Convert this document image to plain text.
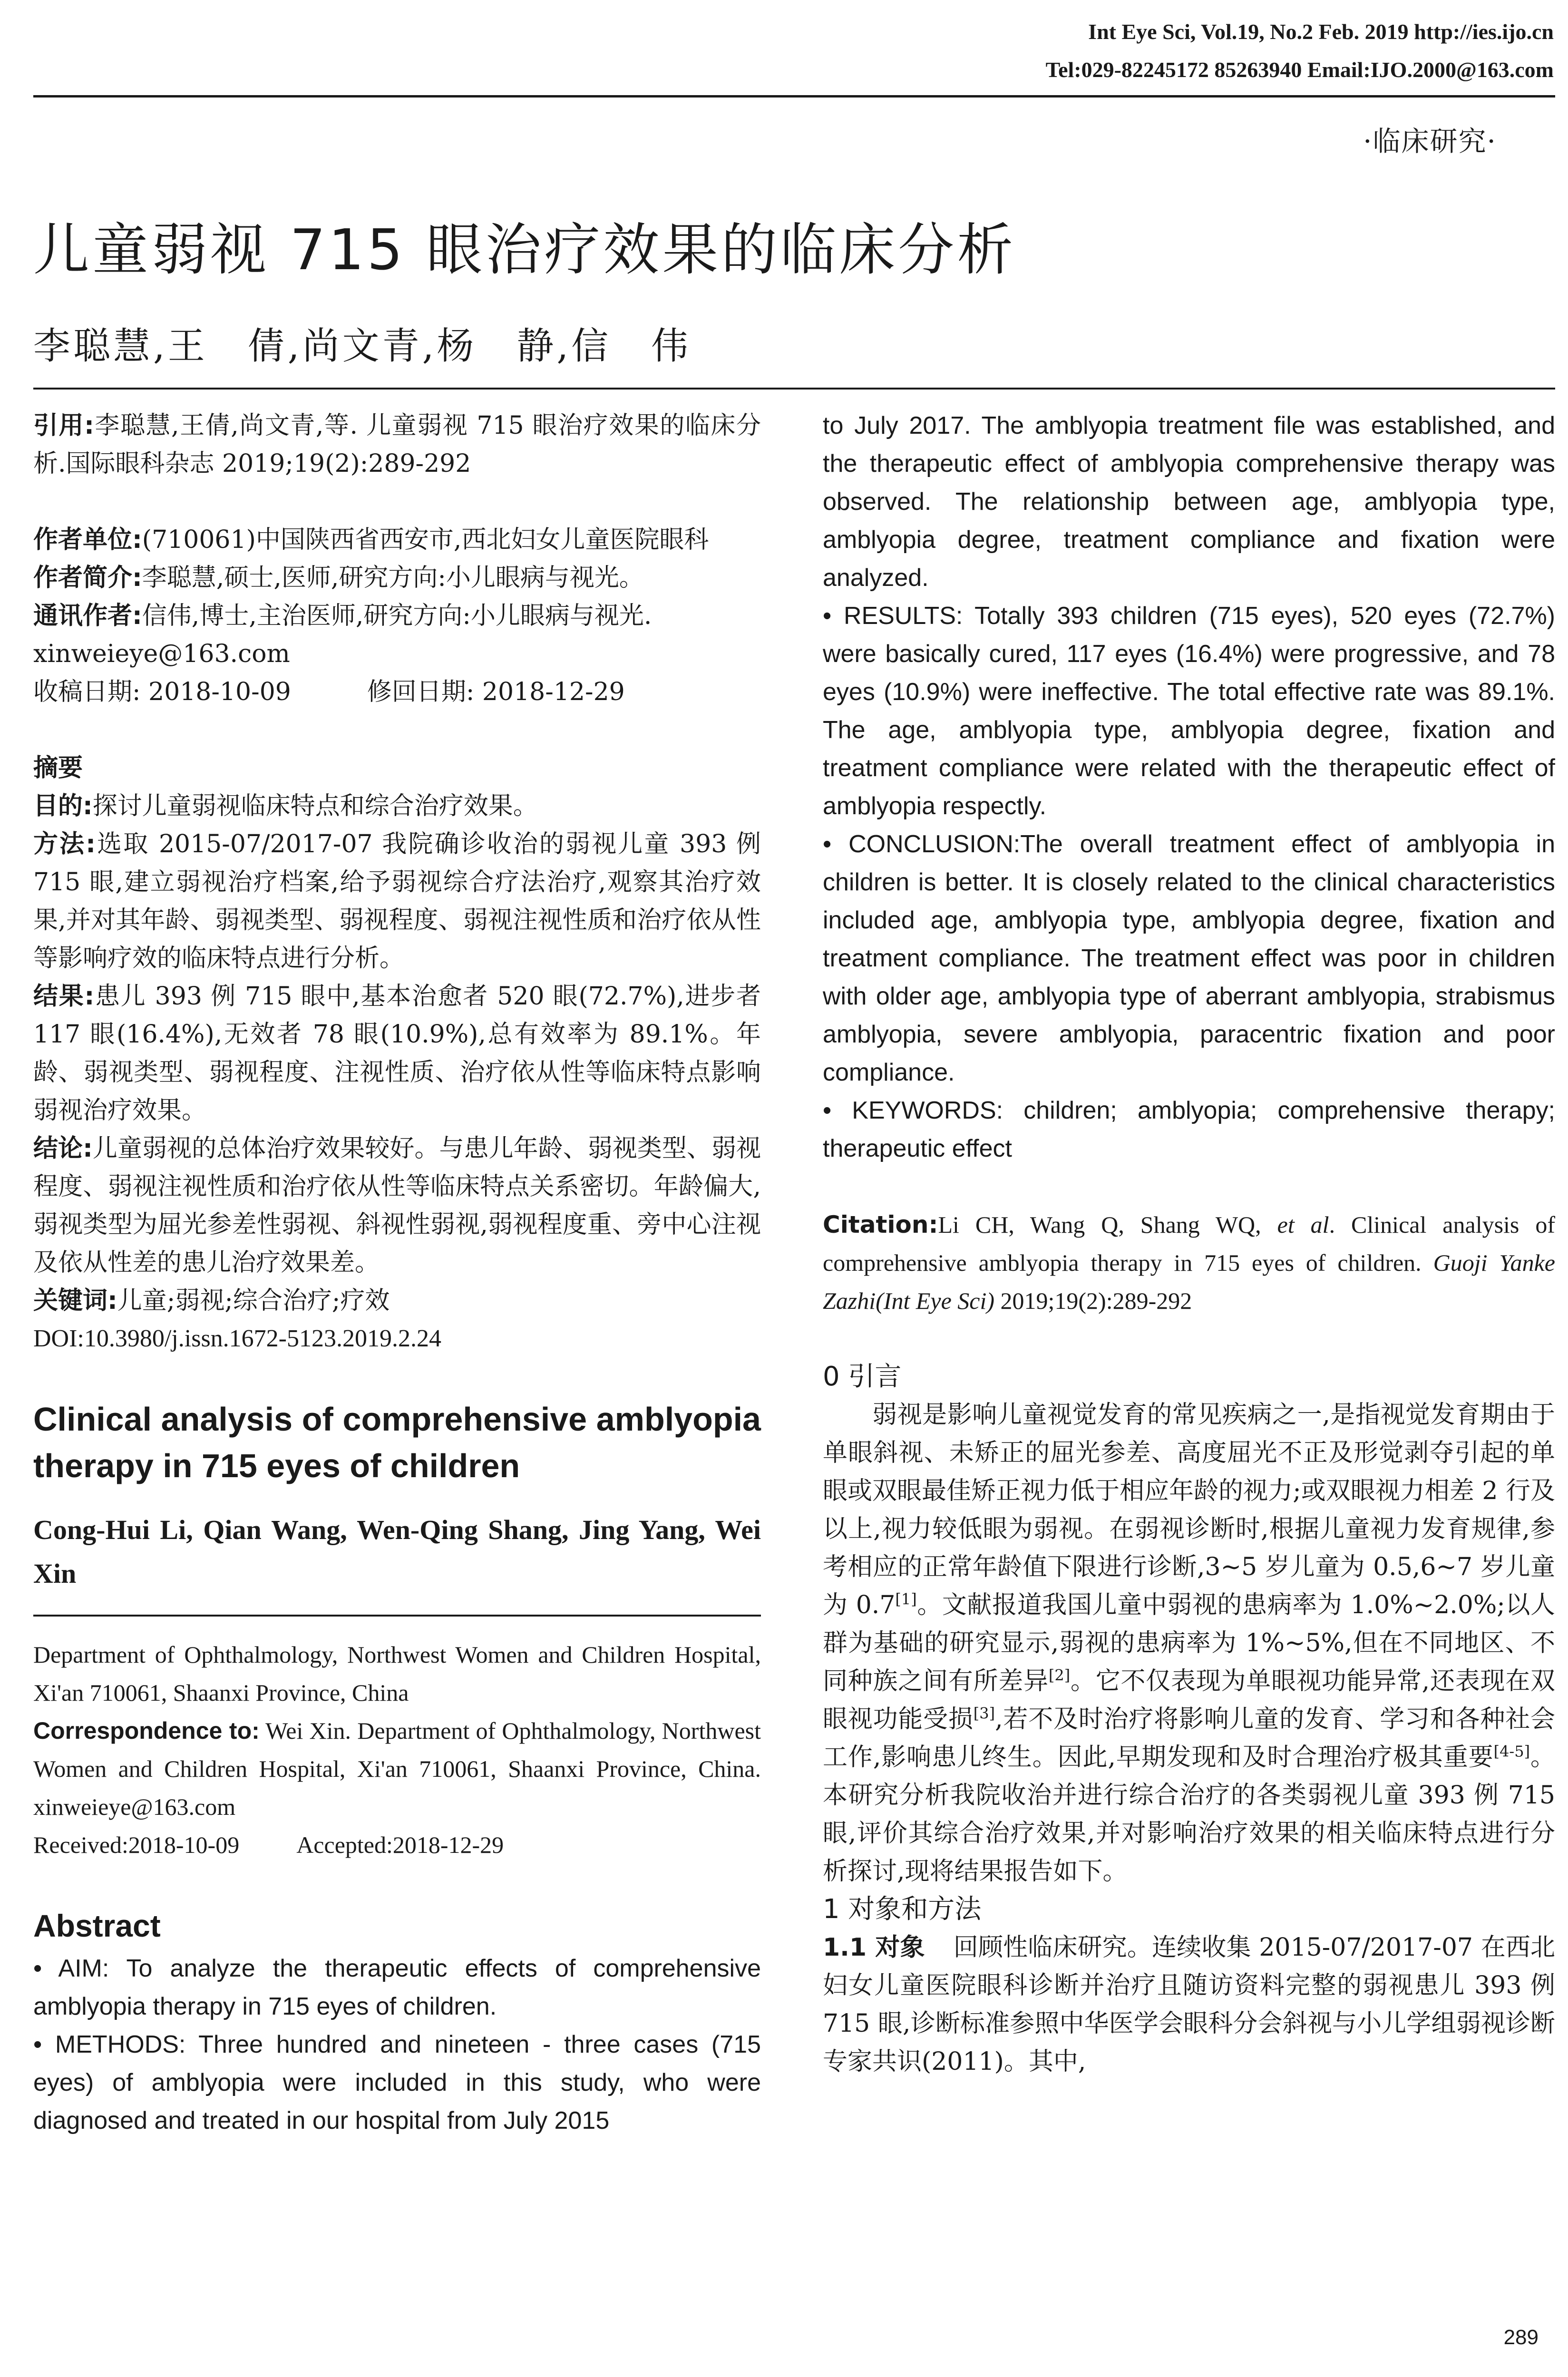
Int Eye Sci, Vol.19, No.2 Feb. 2019 http://ies.ijo.cn
Tel:029-82245172 85263940 Email:IJO.2000@163.com
·临床研究·
儿童弱视 715 眼治疗效果的临床分析
李聪慧,王　倩,尚文青,杨　静,信　伟

引用:李聪慧,王倩,尚文青,等. 儿童弱视 715 眼治疗效果的临床分析.国际眼科杂志 2019;19(2):289-292

作者单位:(710061)中国陕西省西安市,西北妇女儿童医院眼科

作者简介:李聪慧,硕士,医师,研究方向:小儿眼病与视光。

通讯作者:信伟,博士,主治医师,研究方向:小儿眼病与视光.

xinweieye@163.com

收稿日期: 2018-10-09	修回日期: 2018-12-29

摘要

目的:探讨儿童弱视临床特点和综合治疗效果。

方法:选取 2015-07/2017-07 我院确诊收治的弱视儿童 393 例 715 眼,建立弱视治疗档案,给予弱视综合疗法治疗,观察其治疗效果,并对其年龄、弱视类型、弱视程度、弱视注视性质和治疗依从性等影响疗效的临床特点进行分析。

结果:患儿 393 例 715 眼中,基本治愈者 520 眼(72.7%),进步者 117 眼(16.4%),无效者 78 眼(10.9%),总有效率为 89.1%。年龄、弱视类型、弱视程度、注视性质、治疗依从性等临床特点影响弱视治疗效果。

结论:儿童弱视的总体治疗效果较好。与患儿年龄、弱视类型、弱视程度、弱视注视性质和治疗依从性等临床特点关系密切。年龄偏大,弱视类型为屈光参差性弱视、斜视性弱视,弱视程度重、旁中心注视及依从性差的患儿治疗效果差。

关键词:儿童;弱视;综合治疗;疗效

DOI:10.3980/j.issn.1672-5123.2019.2.24

Clinical analysis of comprehensive amblyopia therapy in 715 eyes of children

Cong-Hui Li, Qian Wang, Wen-Qing Shang, Jing Yang, Wei Xin

Department of Ophthalmology, Northwest Women and Children Hospital, Xi'an 710061, Shaanxi Province, China

Correspondence to: Wei Xin. Department of Ophthalmology, Northwest Women and Children Hospital, Xi'an 710061, Shaanxi Province, China. xinweieye@163.com

Received:2018-10-09 Accepted:2018-12-29

Abstract

• AIM: To analyze the therapeutic effects of comprehensive amblyopia therapy in 715 eyes of children.

• METHODS: Three hundred and nineteen - three cases (715 eyes) of amblyopia were included in this study, who were diagnosed and treated in our hospital from July 2015

to July 2017. The amblyopia treatment file was established, and the therapeutic effect of amblyopia comprehensive therapy was observed. The relationship between age, amblyopia type, amblyopia degree, treatment compliance and fixation were analyzed.

• RESULTS: Totally 393 children (715 eyes), 520 eyes (72.7%) were basically cured, 117 eyes (16.4%) were progressive, and 78 eyes (10.9%) were ineffective. The total effective rate was 89.1%. The age, amblyopia type, amblyopia degree, fixation and treatment compliance were related with the therapeutic effect of amblyopia respectly.

• CONCLUSION:The overall treatment effect of amblyopia in children is better. It is closely related to the clinical characteristics included age, amblyopia type, amblyopia degree, fixation and treatment compliance. The treatment effect was poor in children with older age, amblyopia type of aberrant amblyopia, strabismus amblyopia, severe amblyopia, paracentric fixation and poor compliance.

• KEYWORDS: children; amblyopia; comprehensive therapy; therapeutic effect

Citation:Li CH, Wang Q, Shang WQ, et al. Clinical analysis of comprehensive amblyopia therapy in 715 eyes of children. Guoji Yanke Zazhi(Int Eye Sci) 2019;19(2):289-292

0 引言

弱视是影响儿童视觉发育的常见疾病之一,是指视觉发育期由于单眼斜视、未矫正的屈光参差、高度屈光不正及形觉剥夺引起的单眼或双眼最佳矫正视力低于相应年龄的视力;或双眼视力相差 2 行及以上,视力较低眼为弱视。在弱视诊断时,根据儿童视力发育规律,参考相应的正常年龄值下限进行诊断,3~5 岁儿童为 0.5,6~7 岁儿童为 0.7[1]。文献报道我国儿童中弱视的患病率为 1.0%~2.0%;以人群为基础的研究显示,弱视的患病率为 1%~5%,但在不同地区、不同种族之间有所差异[2]。它不仅表现为单眼视功能异常,还表现在双眼视功能受损[3],若不及时治疗将影响儿童的发育、学习和各种社会工作,影响患儿终生。因此,早期发现和及时合理治疗极其重要[4-5]。本研究分析我院收治并进行综合治疗的各类弱视儿童 393 例 715 眼,评价其综合治疗效果,并对影响治疗效果的相关临床特点进行分析探讨,现将结果报告如下。

1 对象和方法

1.1 对象 回顾性临床研究。连续收集 2015-07/2017-07 在西北妇女儿童医院眼科诊断并治疗且随访资料完整的弱视患儿 393 例 715 眼,诊断标准参照中华医学会眼科分会斜视与小儿学组弱视诊断专家共识(2011)。其中,

289
